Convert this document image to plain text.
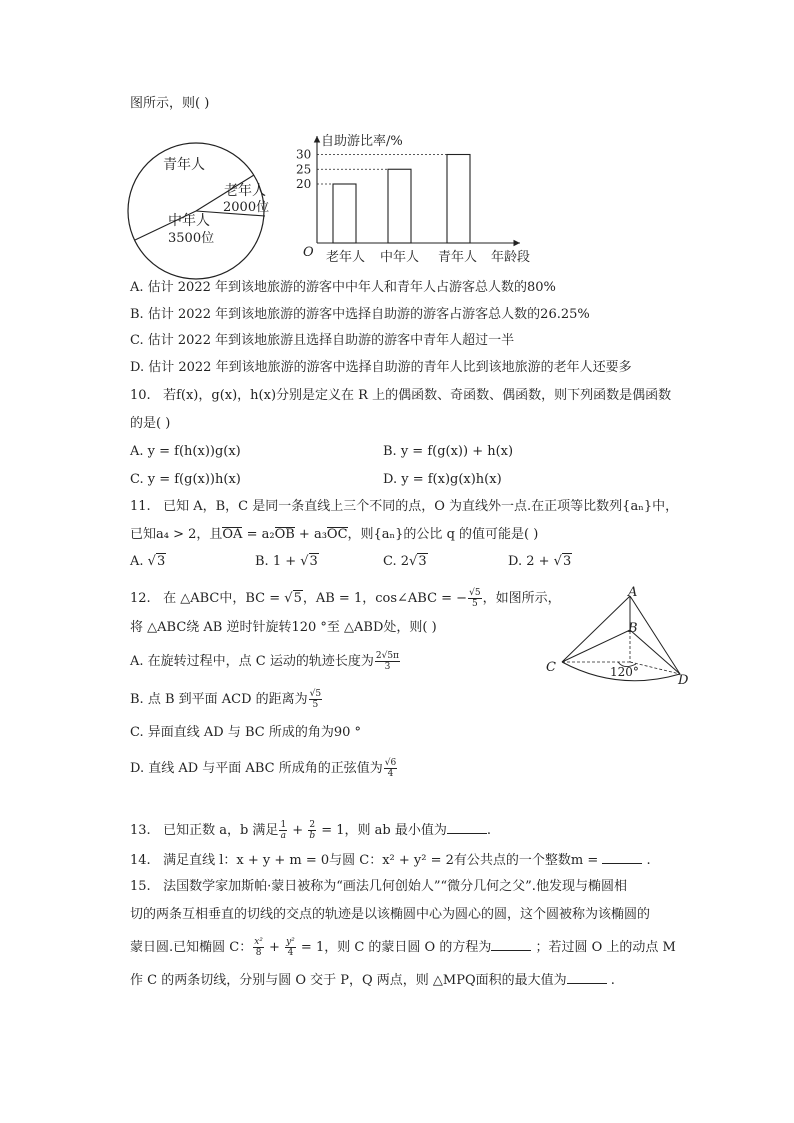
图所示，则( )
青年人
老年人
2000位
中年人
3500位
自助游比率/%
O	年龄段
老年人 中年人 青年人
20
25
30
A. 估计 2022 年到该地旅游的游客中中年人和青年人占游客总人数的80%
B. 估计 2022 年到该地旅游的游客中选择自助游的游客占游客总人数的26.25%
C. 估计 2022 年到该地旅游且选择自助游的游客中青年人超过一半
D. 估计 2022 年到该地旅游的游客中选择自助游的青年人比到该地旅游的老年人还要多
10. 若f(x)，g(x)，h(x)分别是定义在 R 上的偶函数、奇函数、偶函数，则下列函数是偶函数
的是( )
A. y = f(h(x))g(x)	B. y = f(g(x)) + h(x)
C. y = f(g(x))h(x)	D. y = f(x)g(x)h(x)
11. 已知 A，B，C 是同一条直线上三个不同的点，O 为直线外一点.在正项等比数列{aₙ}中，
已知a₄ > 2，且OA = a₂OB + a₃OC，则{aₙ}的公比 q 的值可能是( )
A. √3	B. 1 + √3	C. 2√3	D. 2 + √3
12. 在 △ABC中，BC = √5，AB = 1，cos∠ABC = − $\frac{√5}{5}$ ，如图所示，
将 △ABC绕 AB 逆时针旋转120 °至 △ABD处，则( )
A. 在旋转过程中，点 C 运动的轨迹长度为 $\frac{2√5\pi}{3}$
B. 点 B 到平面 ACD 的距离为 $\frac{√5}{5}$
C. 异面直线 AD 与 BC 所成的角为90 °
D. 直线 AD 与平面 ABC 所成角的正弦值为 $\frac{√6}{4}$
A
B
C
D
120°
13. 已知正数 a，b 满足 $\frac{1}{a} + \frac{2}{b} = 1$，则 ab 最小值为	.
14. 满足直线 l：x + y + m = 0与圆 C：x² + y² = 2有公共点的一个整数m =	.
15. 法国数学家加斯帕·蒙日被称为“画法几何创始人”“微分几何之父”.他发现与椭圆相
切的两条互相垂直的切线的交点的轨迹是以该椭圆中心为圆心的圆，这个圆被称为该椭圆的
蒙日圆.已知椭圆 C： $\frac{\text{x²}}{8} + \frac{\text{y²}}{4} = 1$，则 C 的蒙日圆 O 的方程为	；若过圆 O 上的动点 M
作 C 的两条切线，分别与圆 O 交于 P，Q 两点，则 △MPQ面积的最大值为	.
